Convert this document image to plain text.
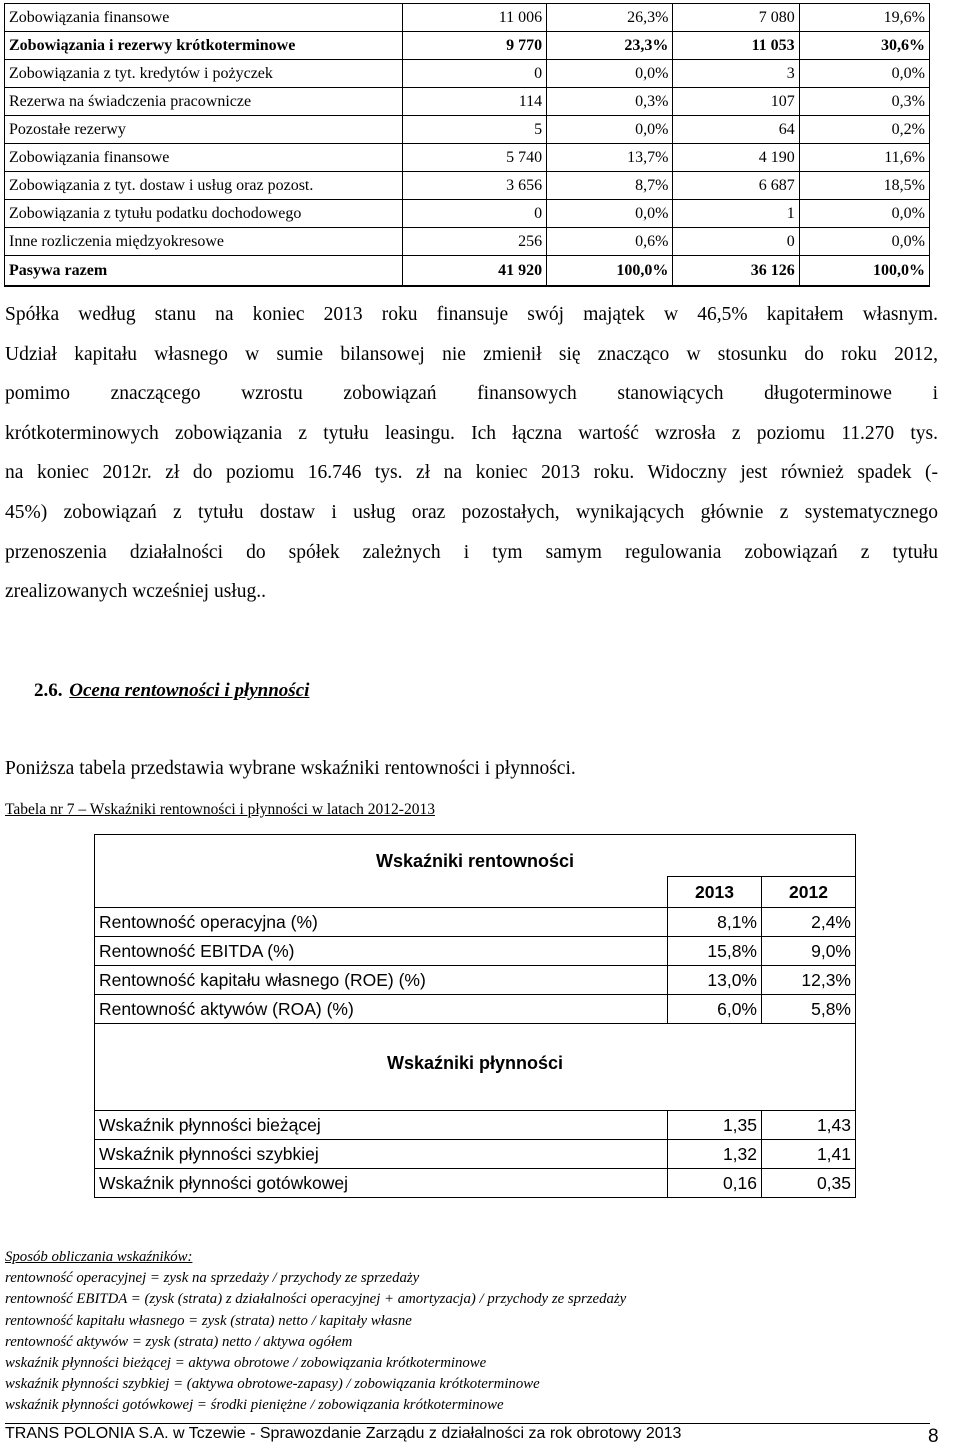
Zobowiązania finansowe	11 006	26,3%	7 080	19,6%
Zobowiązania i rezerwy krótkoterminowe	9 770	23,3%	11 053	30,6%
Zobowiązania z tyt. kredytów i pożyczek	0	0,0%	3	0,0%
Rezerwa na świadczenia pracownicze	114	0,3%	107	0,3%
Pozostałe rezerwy	5	0,0%	64	0,2%
Zobowiązania finansowe	5 740	13,7%	4 190	11,6%
Zobowiązania z tyt. dostaw i usług oraz pozost.	3 656	8,7%	6 687	18,5%
Zobowiązania z tytułu podatku dochodowego	0	0,0%	1	0,0%
Inne rozliczenia międzyokresowe	256	0,6%	0	0,0%
Pasywa razem	41 920	100,0%	36 126	100,0%
Spółka według stanu na koniec 2013 roku finansuje swój majątek w 46,5% kapitałem własnym.
Udział kapitału własnego w sumie bilansowej nie zmienił się znacząco w stosunku do roku 2012,
pomimo znaczącego wzrostu zobowiązań finansowych stanowiących długoterminowe i
krótkoterminowych zobowiązania z tytułu leasingu. Ich łączna wartość wzrosła z poziomu 11.270 tys.
na koniec 2012r. zł do poziomu 16.746 tys. zł na koniec 2013 roku. Widoczny jest również spadek (-
45%) zobowiązań z tytułu dostaw i usług oraz pozostałych, wynikających głównie z systematycznego
przenoszenia działalności do spółek zależnych i tym samym regulowania zobowiązań z tytułu
zrealizowanych wcześniej usług..
2.6. Ocena rentowności i płynności

Poniższa tabela przedstawia wybrane wskaźniki rentowności i płynności.

Tabela nr 7 – Wskaźniki rentowności i płynności w latach 2012-2013

Wskaźniki rentowności		
	2013	2012
Rentowność operacyjna (%)	8,1%	2,4%
Rentowność EBITDA (%)	15,8%	9,0%
Rentowność kapitału własnego (ROE) (%)	13,0%	12,3%
Rentowność aktywów (ROA) (%)	6,0%	5,8%
Wskaźniki płynności		

Wskaźnik płynności bieżącej	1,35	1,43
Wskaźnik płynności szybkiej	1,32	1,41
Wskaźnik płynności gotówkowej	0,16	0,35
Sposób obliczania wskaźników:
rentowność operacyjnej = zysk na sprzedaży / przychody ze sprzedaży
rentowność EBITDA = (zysk (strata) z działalności operacyjnej + amortyzacja) / przychody ze sprzedaży
rentowność kapitału własnego = zysk (strata) netto / kapitały własne
rentowność aktywów = zysk (strata) netto / aktywa ogółem
wskaźnik płynności bieżącej = aktywa obrotowe / zobowiązania krótkoterminowe
wskaźnik płynności szybkiej = (aktywa obrotowe-zapasy) / zobowiązania krótkoterminowe
wskaźnik płynności gotówkowej = środki pieniężne / zobowiązania krótkoterminowe
TRANS POLONIA S.A. w Tczewie - Sprawozdanie Zarządu z działalności za rok obrotowy 2013	8
